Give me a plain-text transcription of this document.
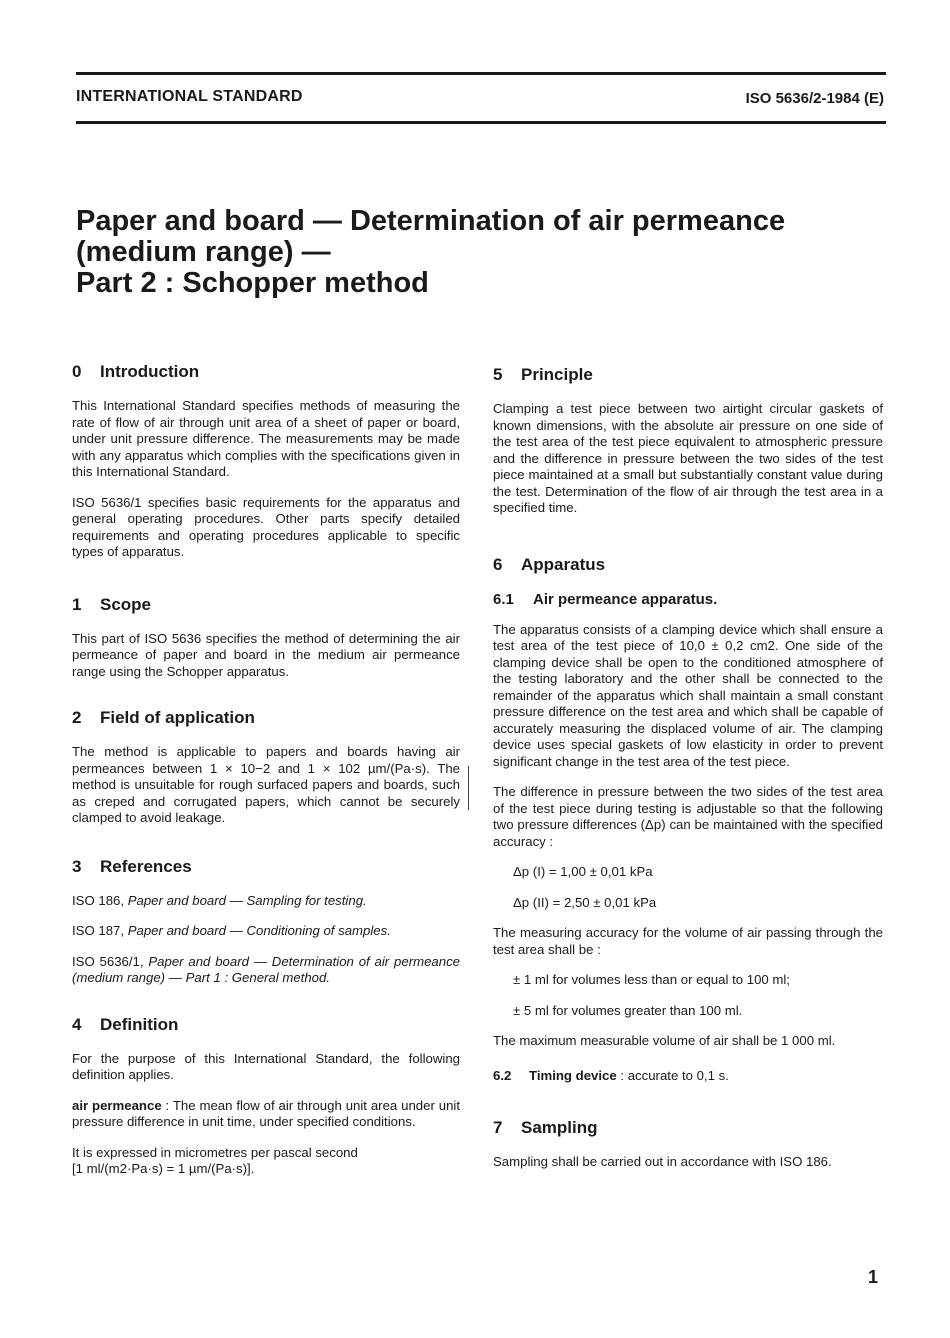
INTERNATIONAL STANDARD	ISO 5636/2-1984 (E)
Paper and board — Determination of air permeance
(medium range) —
Part 2 : Schopper method
0	Introduction

This International Standard specifies methods of measuring the rate of flow of air through unit area of a sheet of paper or board, under unit pressure difference. The measurements may be made with any apparatus which complies with the specifications given in this International Standard.

ISO 5636/1 specifies basic requirements for the apparatus and general operating procedures. Other parts specify detailed requirements and operating procedures applicable to specific types of apparatus.

1	Scope

This part of ISO 5636 specifies the method of determining the air permeance of paper and board in the medium air permeance range using the Schopper apparatus.

2	Field of application

The method is applicable to papers and boards having air permeances between 1 × 10−2 and 1 × 102 µm/(Pa·s). The method is unsuitable for rough surfaced papers and boards, such as creped and corrugated papers, which cannot be securely clamped to avoid leakage.

3	References

ISO 186, Paper and board — Sampling for testing.

ISO 187, Paper and board — Conditioning of samples.

ISO 5636/1, Paper and board — Determination of air permeance (medium range) — Part 1 : General method.

4	Definition

For the purpose of this International Standard, the following definition applies.

air permeance : The mean flow of air through unit area under unit pressure difference in unit time, under specified conditions.

It is expressed in micrometres per pascal second
[1 ml/(m2·Pa·s) = 1 µm/(Pa·s)].

5	Principle

Clamping a test piece between two airtight circular gaskets of known dimensions, with the absolute air pressure on one side of the test area of the test piece equivalent to atmospheric pressure and the difference in pressure between the two sides of the test piece maintained at a small but substantially constant value during the test. Determination of the flow of air through the test area in a specified time.

6	Apparatus
6.1	Air permeance apparatus.

The apparatus consists of a clamping device which shall ensure a test area of the test piece of 10,0 ± 0,2 cm2. One side of the clamping device shall be open to the conditioned atmosphere of the testing laboratory and the other shall be connected to the remainder of the apparatus which shall maintain a small constant pressure difference on the test area and which shall be capable of accurately measuring the displaced volume of air. The clamping device uses special gaskets of low elasticity in order to prevent significant change in the test area of the test piece.

The difference in pressure between the two sides of the test area of the test piece during testing is adjustable so that the following two pressure differences (Δp) can be maintained with the specified accuracy :

Δp (I) = 1,00 ± 0,01 kPa

Δp (II) = 2,50 ± 0,01 kPa

The measuring accuracy for the volume of air passing through the test area shall be :

± 1 ml for volumes less than or equal to 100 ml;

± 5 ml for volumes greater than 100 ml.

The maximum measurable volume of air shall be 1 000 ml.

6.2 Timing device : accurate to 0,1 s.

7	Sampling

Sampling shall be carried out in accordance with ISO 186.

1
